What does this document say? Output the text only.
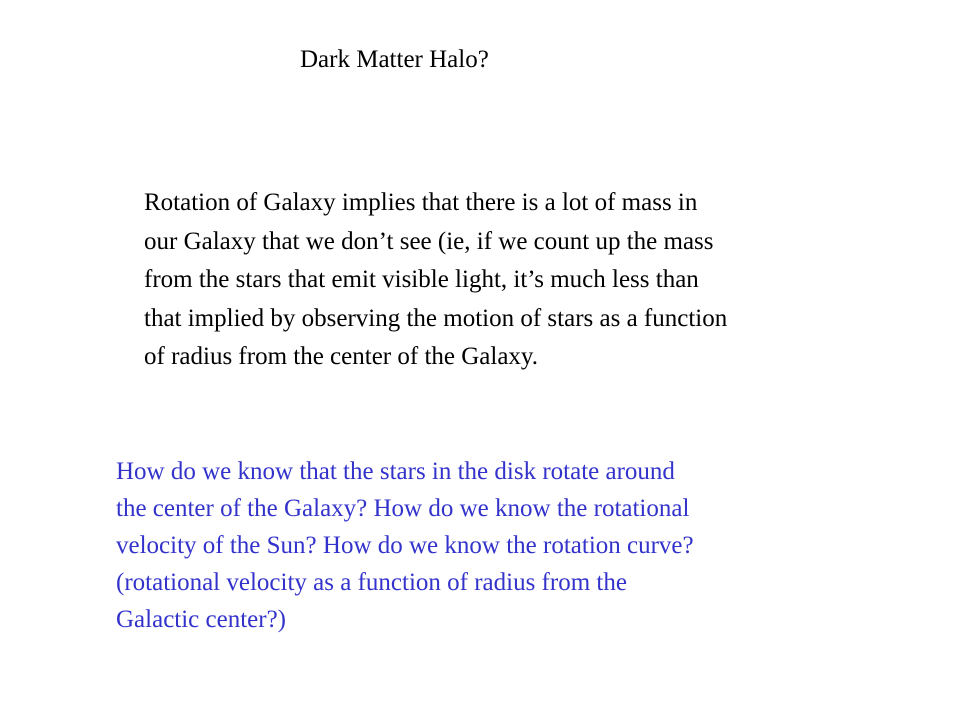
Dark Matter Halo?

Rotation of Galaxy implies that there is a lot of mass in
our Galaxy that we don’t see (ie, if we count up the mass
from the stars that emit visible light, it’s much less than
that implied by observing the motion of stars as a function
of radius from the center of the Galaxy.

How do we know that the stars in the disk rotate around
the center of the Galaxy? How do we know the rotational
velocity of the Sun? How do we know the rotation curve?
(rotational velocity as a function of radius from the
Galactic center?)
